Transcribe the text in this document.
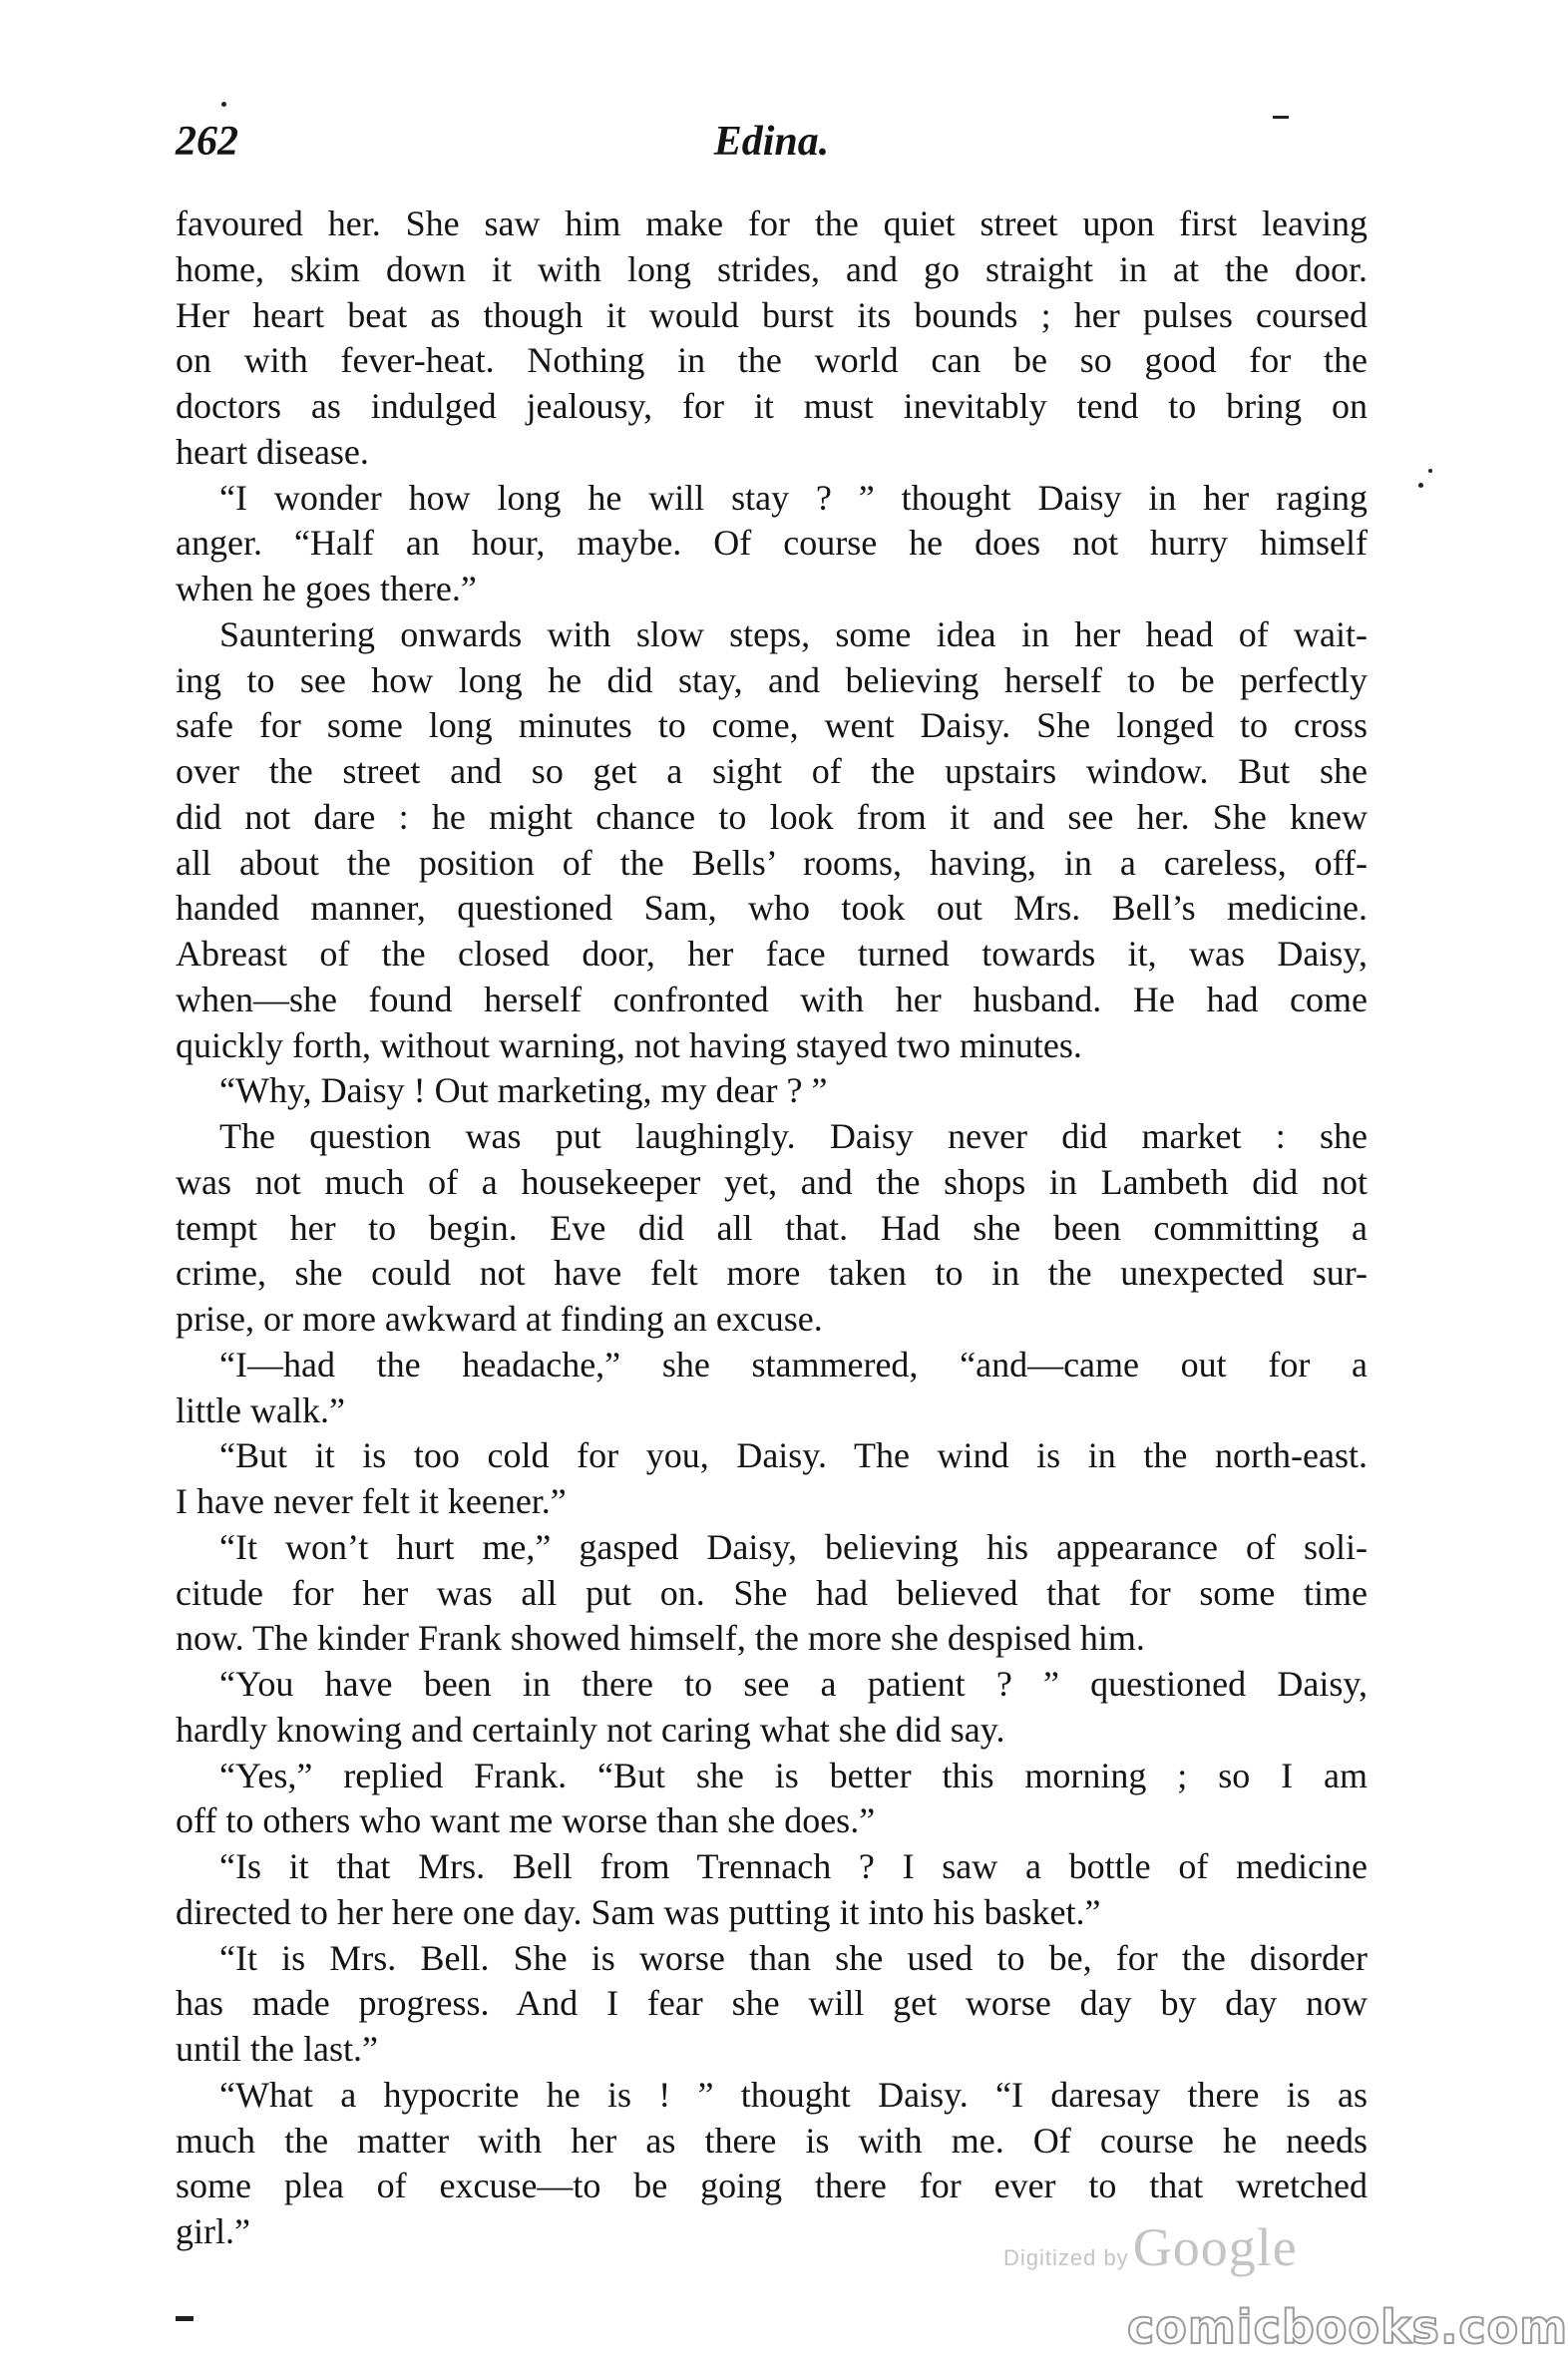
262	Edina.
favoured her. She saw him make for the quiet street upon first leaving
home, skim down it with long strides, and go straight in at the door.
Her heart beat as though it would burst its bounds ; her pulses coursed
on with fever-heat. Nothing in the world can be so good for the
doctors as indulged jealousy, for it must inevitably tend to bring on
heart disease.
“I wonder how long he will stay ? ” thought Daisy in her raging
anger. “Half an hour, maybe. Of course he does not hurry himself
when he goes there.”
Sauntering onwards with slow steps, some idea in her head of wait-
ing to see how long he did stay, and believing herself to be perfectly
safe for some long minutes to come, went Daisy. She longed to cross
over the street and so get a sight of the upstairs window. But she
did not dare : he might chance to look from it and see her. She knew
all about the position of the Bells’ rooms, having, in a careless, off-
handed manner, questioned Sam, who took out Mrs. Bell’s medicine.
Abreast of the closed door, her face turned towards it, was Daisy,
when—she found herself confronted with her husband. He had come
quickly forth, without warning, not having stayed two minutes.
“Why, Daisy ! Out marketing, my dear ? ”
The question was put laughingly. Daisy never did market : she
was not much of a housekeeper yet, and the shops in Lambeth did not
tempt her to begin. Eve did all that. Had she been committing a
crime, she could not have felt more taken to in the unexpected sur-
prise, or more awkward at finding an excuse.
“I—had the headache,” she stammered, “and—came out for a
little walk.”
“But it is too cold for you, Daisy. The wind is in the north-east.
I have never felt it keener.”
“It won’t hurt me,” gasped Daisy, believing his appearance of soli-
citude for her was all put on. She had believed that for some time
now. The kinder Frank showed himself, the more she despised him.
“You have been in there to see a patient ? ” questioned Daisy,
hardly knowing and certainly not caring what she did say.
“Yes,” replied Frank. “But she is better this morning ; so I am
off to others who want me worse than she does.”
“Is it that Mrs. Bell from Trennach ? I saw a bottle of medicine
directed to her here one day. Sam was putting it into his basket.”
“It is Mrs. Bell. She is worse than she used to be, for the disorder
has made progress. And I fear she will get worse day by day now
until the last.”
“What a hypocrite he is ! ” thought Daisy. “I daresay there is as
much the matter with her as there is with me. Of course he needs
some plea of excuse—to be going there for ever to that wretched
girl.”
Digitized by Google
comicbooks.com
